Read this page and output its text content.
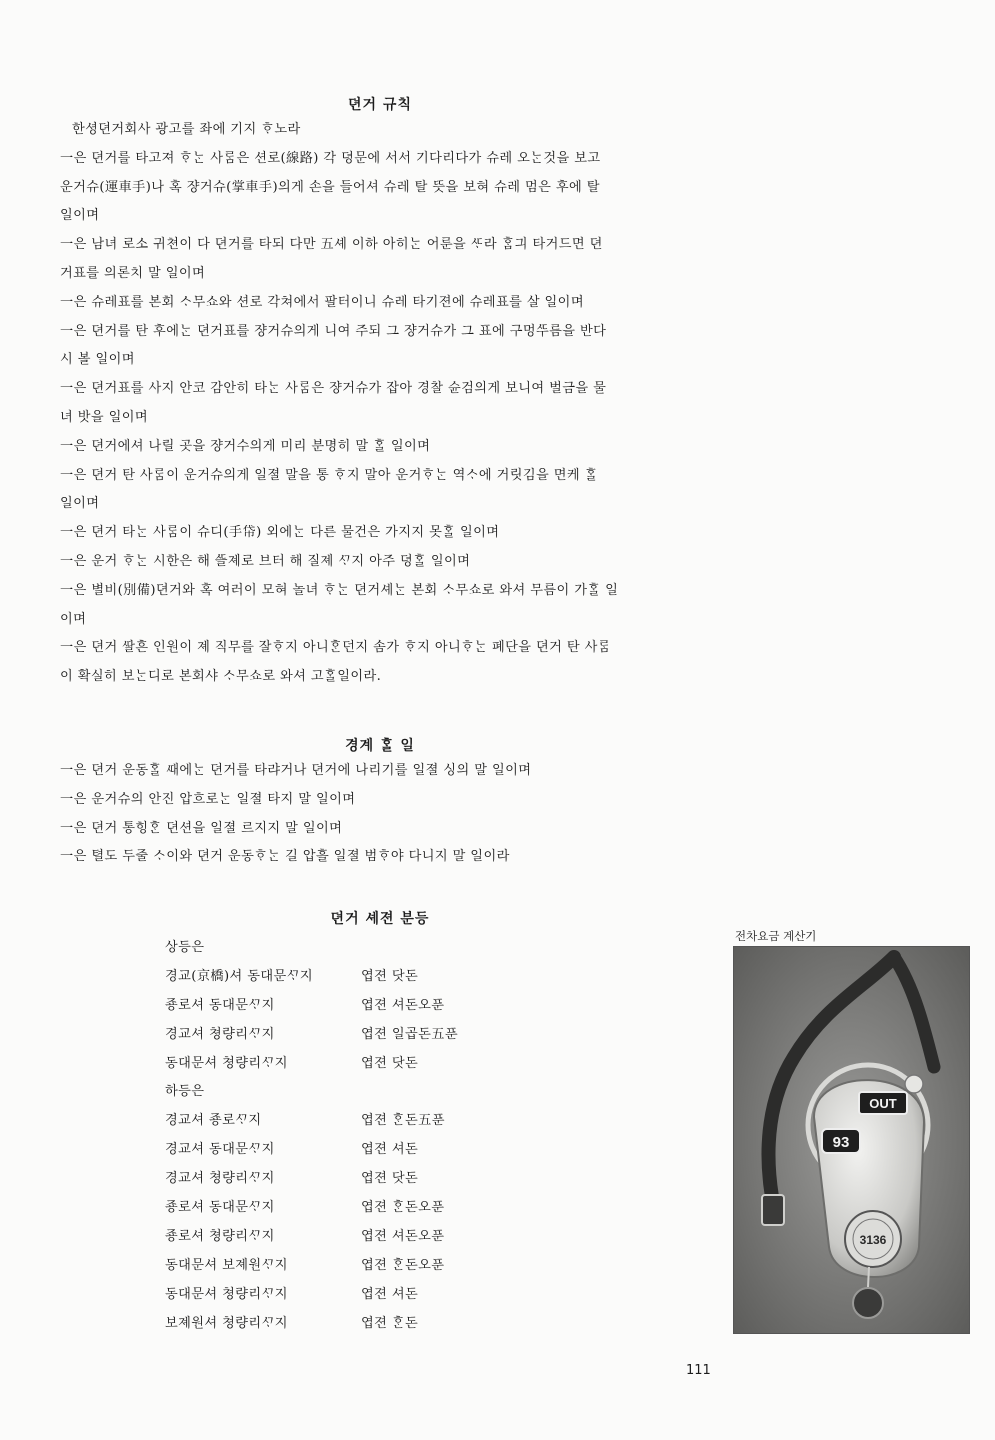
뎐거 규칙
한셩뎐거회사 광고를 좌에 기지 ᄒᆞ노라
一은 뎐거를 타고져 ᄒᆞᄂᆞᆫ 사ᄅᆞᆷ은 션로(線路) 각 뎡문에 서서 기다리다가 슈레 오ᄂᆞᆫ것을 보고
운거슈(運車手)나 혹 쟝거슈(掌車手)의게 손을 들어셔 슈레 탈 뜻을 보혀 슈레 멈은 후에 탈
일이며
一은 남녀 로소 귀쳔이 다 뎐거를 타되 다만 五셰 이하 아히ᄂᆞᆫ 어룬을 ᄯᆞ라 ᄒᆞᆷ긔 타거드면 뎐
거표를 의론치 말 일이며
一은 슈레표를 본회 ᄉᆞ무쇼와 션로 각쳐에서 팔터이니 슈레 타기젼에 슈레표를 살 일이며
一은 뎐거를 탄 후에ᄂᆞᆫ 뎐거표를 쟝거슈의게 니여 주되 그 쟝거슈가 그 표에 구멍ᄯᅮ름을 반다
시 볼 일이며
一은 뎐거표를 사지 안코 감안히 타ᄂᆞᆫ 사ᄅᆞᆷ은 쟝거슈가 잡아 경찰 슌검의게 보니여 벌금을 물
녀 밧을 일이며
一은 뎐거에셔 나릴 곳을 쟝거수의게 미리 분명히 말 ᄒᆞᆯ 일이며
一은 뎐거 탄 사ᄅᆞᆷ이 운거슈의게 일졀 말을 통 ᄒᆞ지 말아 운거ᄒᆞᄂᆞᆫ 역ᄉᆞ에 거릿김을 면케 ᄒᆞᆯ
일이며
一은 뎐거 타ᄂᆞᆫ 사ᄅᆞᆷ이 슈디(手帒) 외에ᄂᆞᆫ 다른 물건은 가지지 못ᄒᆞᆯ 일이며
一은 운거 ᄒᆞᄂᆞᆫ 시한은 해 ᄯᅳᆯ졔로 브터 해 질졔 ᄭᆞ지 아주 뎡ᄒᆞᆯ 일이며
一은 별비(別備)뎐거와 혹 여러이 모혀 놀녀 ᄒᆞᄂᆞᆫ 뎐거셰ᄂᆞᆫ 본회 ᄉᆞ무쇼로 와셔 무름이 가ᄒᆞᆯ 일
이며
一은 뎐거 ᄯᅡᆯ흔 인원이 졔 직무를 잘ᄒᆞ지 아니ᄒᆞᆫ던지 솜가 ᄒᆞ지 아니ᄒᆞᄂᆞᆫ 폐단을 뎐거 탄 사ᄅᆞᆷ
이 확실히 보ᄂᆞᆫ디로 본회샤 ᄉᆞ무쇼로 와셔 고ᄒᆞᆯ일이라.
경계 ᄒᆞᆯ 일
一은 뎐거 운동ᄒᆞᆯ ᄯᅢ에ᄂᆞᆫ 뎐거를 타랴거나 뎐거에 나리기를 일졀 싱의 말 일이며
一은 운거슈의 안진 압흐로ᄂᆞᆫ 일졀 타지 말 일이며
一은 뎐거 통힝ᄒᆞᆫ 뎐션을 일졀 르지지 말 일이며
一은 텰도 두줄 ᄉᆞ이와 뎐거 운동ᄒᆞᄂᆞᆫ 길 압흘 일졀 범ᄒᆞ야 다니지 말 일이라
뎐거 셰젼 분등
상등은
경교(京橋)셔 동대문ᄭᆞ지	엽젼 닷돈
죵로셔 동대문ᄭᆞ지	엽젼 셔돈오푼
경교셔 쳥량리ᄭᆞ지	엽젼 일곱돈五푼
동대문셔 쳥량리ᄭᆞ지	엽젼 닷돈
하등은
경교셔 죵로ᄭᆞ지	엽젼 ᄒᆞᆫ돈五푼
경교셔 동대문ᄭᆞ지	엽젼 셔돈
경교셔 쳥량리ᄭᆞ지	엽젼 닷돈
죵로셔 동대문ᄭᆞ지	엽젼 ᄒᆞᆫ돈오푼
죵로셔 쳥량리ᄭᆞ지	엽젼 셔돈오푼
동대문셔 보졔원ᄭᆞ지	엽젼 ᄒᆞᆫ돈오푼
동대문셔 쳥량리ᄭᆞ지	엽젼 셔돈
보졔원셔 쳥량리ᄭᆞ지	엽젼 ᄒᆞᆫ돈
전차요금 계산기
OUT
93
3136
111
